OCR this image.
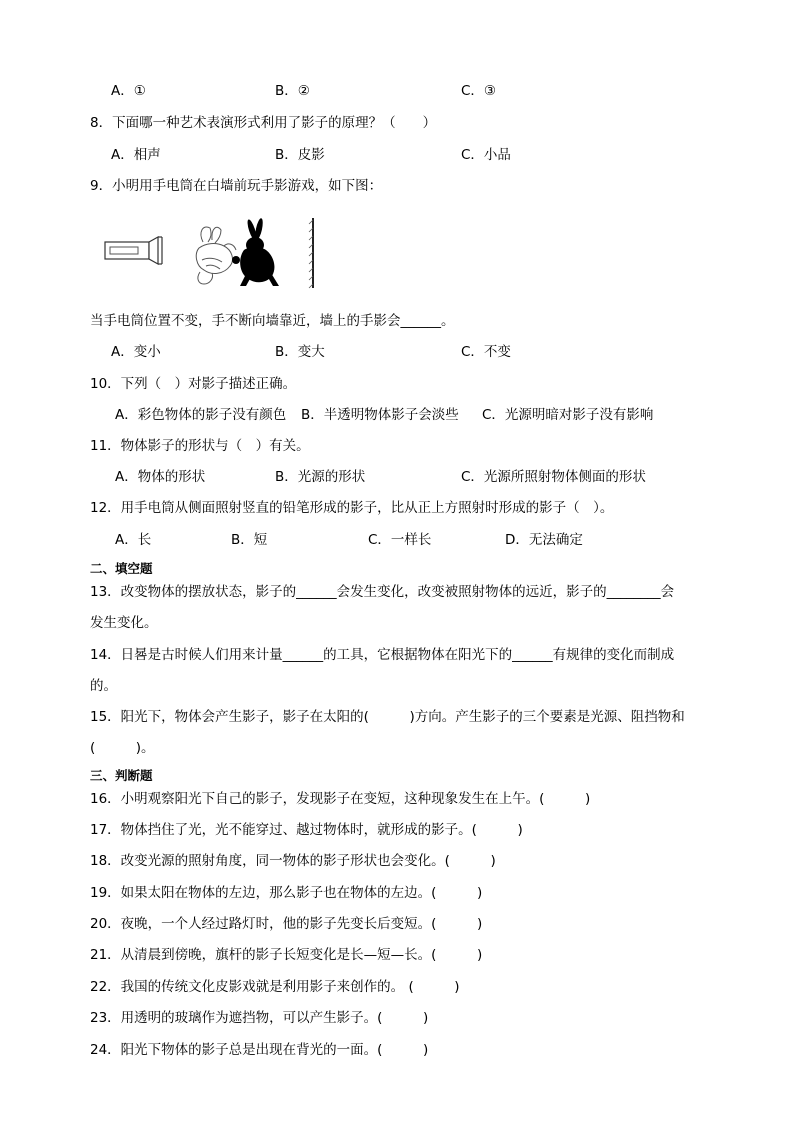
A．①	B．②	C．③
8．下面哪一种艺术表演形式利用了影子的原理？（　　）
A．相声	B．皮影	C．小品
9．小明用手电筒在白墙前玩手影游戏，如下图：
当手电筒位置不变，手不断向墙靠近，墙上的手影会______。
A．变小	B．变大	C．不变
10．下列（　）对影子描述正确。
A．彩色物体的影子没有颜色 B．半透明物体影子会淡些 C．光源明暗对影子没有影响
11．物体影子的形状与（　）有关。
A．物体的形状	B．光源的形状	C．光源所照射物体侧面的形状
12．用手电筒从侧面照射竖直的铅笔形成的影子，比从正上方照射时形成的影子（　）。
A．长	B．短	C．一样长	D．无法确定
二、填空题
13．改变物体的摆放状态，影子的______会发生变化，改变被照射物体的远近，影子的________会
发生变化。
14．日晷是古时候人们用来计量______的工具，它根据物体在阳光下的______有规律的变化而制成
的。
15．阳光下，物体会产生影子，影子在太阳的(　　　)方向。产生影子的三个要素是光源、阻挡物和
(　　　)。
三、判断题
16．小明观察阳光下自己的影子，发现影子在变短，这种现象发生在上午。(　　　)
17．物体挡住了光，光不能穿过、越过物体时，就形成的影子。(　　　)
18．改变光源的照射角度，同一物体的影子形状也会变化。(　　　)
19．如果太阳在物体的左边，那么影子也在物体的左边。(　　　)
20．夜晚，一个人经过路灯时，他的影子先变长后变短。(　　　)
21．从清晨到傍晚，旗杆的影子长短变化是长—短—长。(　　　)
22．我国的传统文化皮影戏就是利用影子来创作的。 (　　　)
23．用透明的玻璃作为遮挡物，可以产生影子。(　　　)
24．阳光下物体的影子总是出现在背光的一面。(　　　)
